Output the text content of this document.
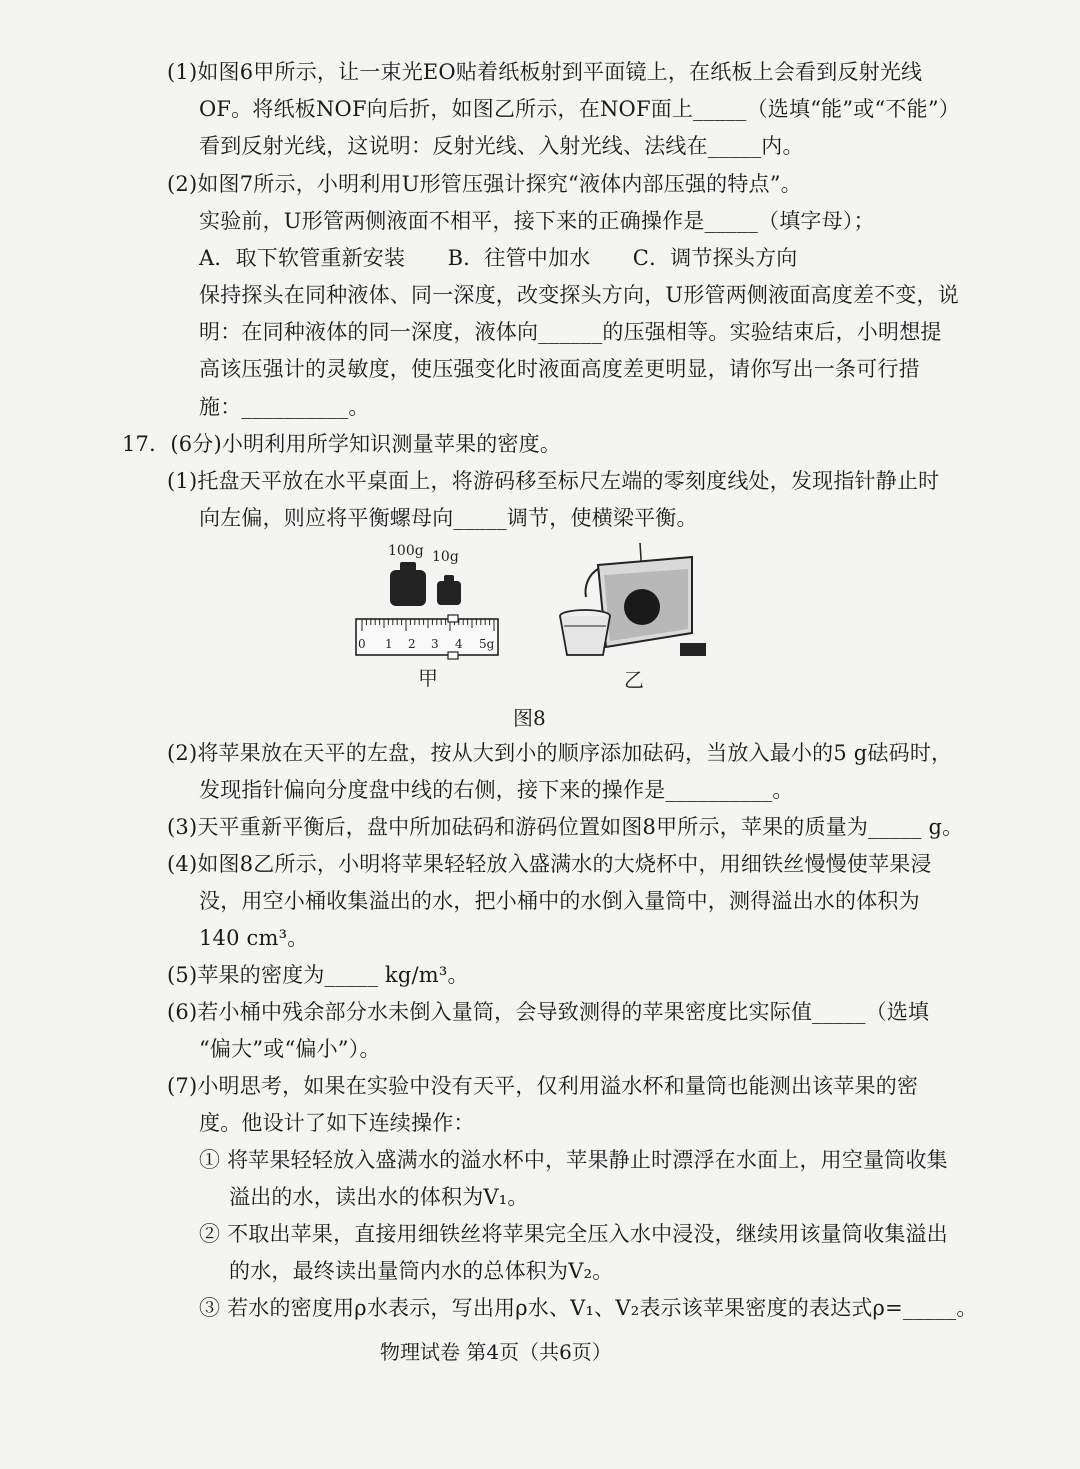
(1)如图6甲所示，让一束光EO贴着纸板射到平面镜上，在纸板上会看到反射光线
OF。将纸板NOF向后折，如图乙所示，在NOF面上_____（选填“能”或“不能”）
看到反射光线，这说明：反射光线、入射光线、法线在_____内。
(2)如图7所示，小明利用U形管压强计探究“液体内部压强的特点”。
实验前，U形管两侧液面不相平，接下来的正确操作是_____（填字母）；
A．取下软管重新安装　　B．往管中加水　　C．调节探头方向
保持探头在同种液体、同一深度，改变探头方向，U形管两侧液面高度差不变，说
明：在同种液体的同一深度，液体向______的压强相等。实验结束后，小明想提
高该压强计的灵敏度，使压强变化时液面高度差更明显，请你写出一条可行措
施：__________。
17．(6分)小明利用所学知识测量苹果的密度。
(1)托盘天平放在水平桌面上，将游码移至标尺左端的零刻度线处，发现指针静止时
向左偏，则应将平衡螺母向_____调节，使横梁平衡。
100g 10g
0 1 2 3 4 5g
甲	乙
图8
(2)将苹果放在天平的左盘，按从大到小的顺序添加砝码，当放入最小的5 g砝码时，
发现指针偏向分度盘中线的右侧，接下来的操作是__________。
(3)天平重新平衡后，盘中所加砝码和游码位置如图8甲所示，苹果的质量为_____ g。
(4)如图8乙所示，小明将苹果轻轻放入盛满水的大烧杯中，用细铁丝慢慢使苹果浸
没，用空小桶收集溢出的水，把小桶中的水倒入量筒中，测得溢出水的体积为
140 cm³。
(5)苹果的密度为_____ kg/m³。
(6)若小桶中残余部分水未倒入量筒，会导致测得的苹果密度比实际值_____（选填
“偏大”或“偏小”）。
(7)小明思考，如果在实验中没有天平，仅利用溢水杯和量筒也能测出该苹果的密
度。他设计了如下连续操作：
① 将苹果轻轻放入盛满水的溢水杯中，苹果静止时漂浮在水面上，用空量筒收集
溢出的水，读出水的体积为V₁。
② 不取出苹果，直接用细铁丝将苹果完全压入水中浸没，继续用该量筒收集溢出
的水，最终读出量筒内水的总体积为V₂。
③ 若水的密度用ρ水表示，写出用ρ水、V₁、V₂表示该苹果密度的表达式ρ=_____。
物理试卷 第4页（共6页）
